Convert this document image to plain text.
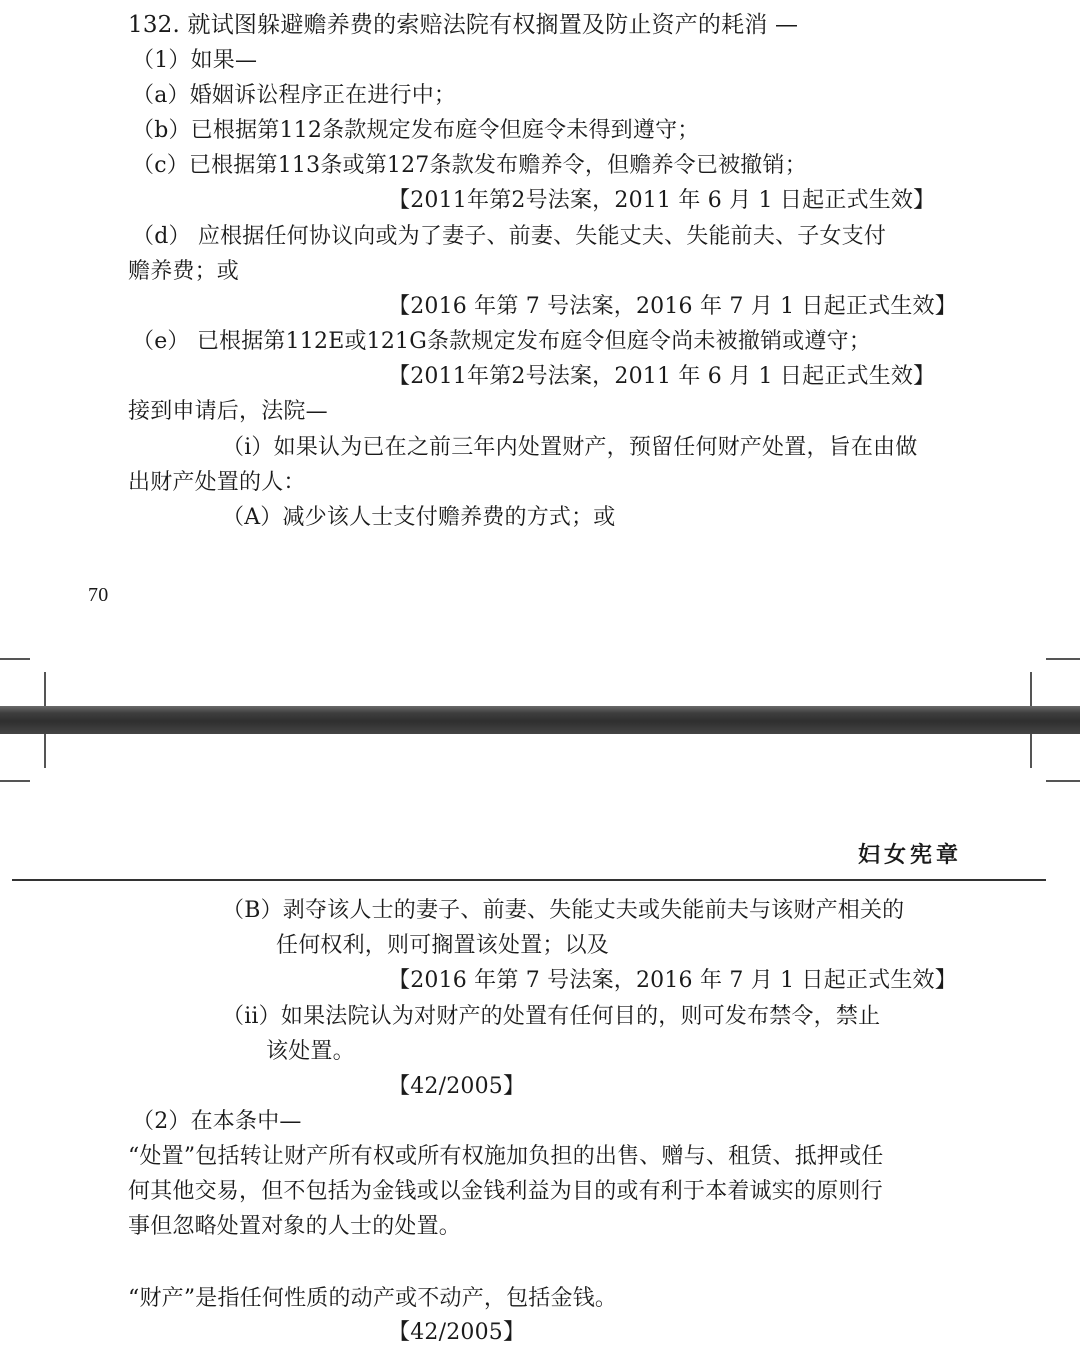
132. 就试图躲避赡养费的索赔法院有权搁置及防止资产的耗消 —
（1）如果—
（a）婚姻诉讼程序正在进行中；
（b）已根据第112条款规定发布庭令但庭令未得到遵守；
（c）已根据第113条或第127条款发布赡养令，但赡养令已被撤销；
【2011年第2号法案，2011 年 6 月 1 日起正式生效】
（d） 应根据任何协议向或为了妻子、前妻、失能丈夫、失能前夫、子女支付
赡养费；或
【2016 年第 7 号法案，2016 年 7 月 1 日起正式生效】
（e） 已根据第112E或121G条款规定发布庭令但庭令尚未被撤销或遵守；
【2011年第2号法案，2011 年 6 月 1 日起正式生效】
接到申请后，法院—
（i）如果认为已在之前三年内处置财产，预留任何财产处置，旨在由做
出财产处置的人：
（A）减少该人士支付赡养费的方式；或
70
妇女宪章
（B）剥夺该人士的妻子、前妻、失能丈夫或失能前夫与该财产相关的
任何权利，则可搁置该处置；以及
【2016 年第 7 号法案，2016 年 7 月 1 日起正式生效】
（ii）如果法院认为对财产的处置有任何目的，则可发布禁令，禁止
该处置。
【42/2005】
（2）在本条中—
“处置”包括转让财产所有权或所有权施加负担的出售、赠与、租赁、抵押或任
何其他交易，但不包括为金钱或以金钱利益为目的或有利于本着诚实的原则行
事但忽略处置对象的人士的处置。
“财产”是指任何性质的动产或不动产，包括金钱。
【42/2005】
